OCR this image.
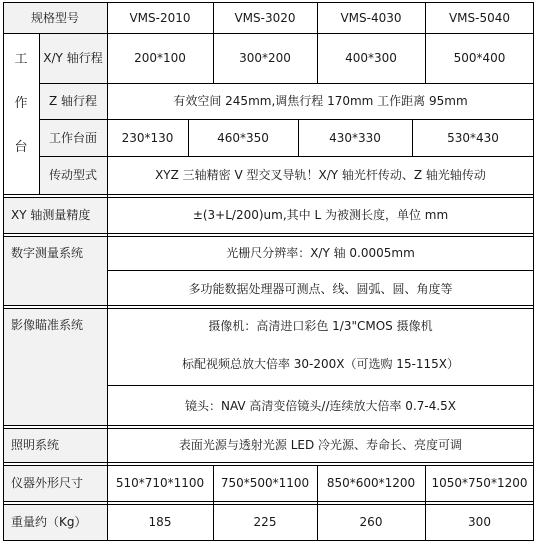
规格型号	VMS-2010	VMS-3020	VMS-4030	VMS-5040
工
作
台
X/Y 轴行程	200*100	300*200	400*300	500*400
Z 轴行程	有效空间 245mm,调焦行程 170mm 工作距离 95mm
工作台面	230*130	460*350	430*330	530*430
传动型式	XYZ 三轴精密 V 型交叉导轨！X/Y 轴光杆传动、Z 轴光轴传动
XY 轴测量精度	±(3+L/200)um,其中 L 为被测长度，单位 mm
数字测量系统	光栅尺分辨率：X/Y 轴 0.0005mm
多功能数据处理器可测点、线、圆弧、圆、角度等
影像瞄准系统	摄像机：高清进口彩色 1/3"CMOS 摄像机
标配视频总放大倍率 30-200X（可选购 15-115X）
镜头：NAV 高清变倍镜头//连续放大倍率 0.7-4.5X
照明系统	表面光源与透射光源 LED 冷光源、寿命长、亮度可调
仪器外形尺寸	510*710*1100	750*500*1100	850*600*1200	1050*750*1200
重量约（Kg）	185	225	260	300
